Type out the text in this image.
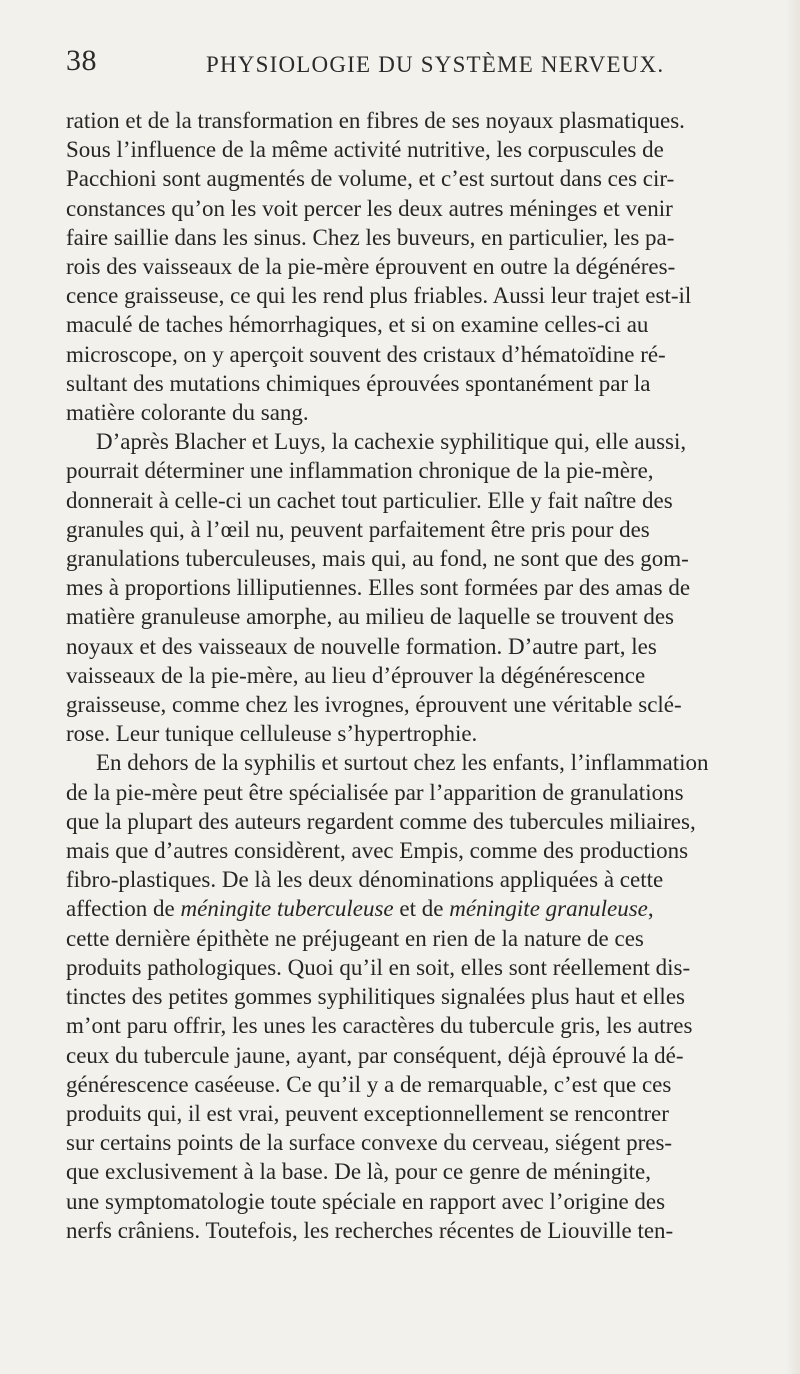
38	PHYSIOLOGIE DU SYSTÈME NERVEUX.

ration et de la transformation en fibres de ses noyaux plasmatiques.
Sous l’influence de la même activité nutritive, les corpuscules de
Pacchioni sont augmentés de volume, et c’est surtout dans ces cir-
constances qu’on les voit percer les deux autres méninges et venir
faire saillie dans les sinus. Chez les buveurs, en particulier, les pa-
rois des vaisseaux de la pie-mère éprouvent en outre la dégénéres-
cence graisseuse, ce qui les rend plus friables. Aussi leur trajet est-il
maculé de taches hémorrhagiques, et si on examine celles-ci au
microscope, on y aperçoit souvent des cristaux d’hématoïdine ré-
sultant des mutations chimiques éprouvées spontanément par la
matière colorante du sang.

D’après Blacher et Luys, la cachexie syphilitique qui, elle aussi,
pourrait déterminer une inflammation chronique de la pie-mère,
donnerait à celle-ci un cachet tout particulier. Elle y fait naître des
granules qui, à l’œil nu, peuvent parfaitement être pris pour des
granulations tuberculeuses, mais qui, au fond, ne sont que des gom-
mes à proportions lilliputiennes. Elles sont formées par des amas de
matière granuleuse amorphe, au milieu de laquelle se trouvent des
noyaux et des vaisseaux de nouvelle formation. D’autre part, les
vaisseaux de la pie-mère, au lieu d’éprouver la dégénérescence
graisseuse, comme chez les ivrognes, éprouvent une véritable sclé-
rose. Leur tunique celluleuse s’hypertrophie.

En dehors de la syphilis et surtout chez les enfants, l’inflammation
de la pie-mère peut être spécialisée par l’apparition de granulations
que la plupart des auteurs regardent comme des tubercules miliaires,
mais que d’autres considèrent, avec Empis, comme des productions
fibro-plastiques. De là les deux dénominations appliquées à cette
affection de méningite tuberculeuse et de méningite granuleuse,
cette dernière épithète ne préjugeant en rien de la nature de ces
produits pathologiques. Quoi qu’il en soit, elles sont réellement dis-
tinctes des petites gommes syphilitiques signalées plus haut et elles
m’ont paru offrir, les unes les caractères du tubercule gris, les autres
ceux du tubercule jaune, ayant, par conséquent, déjà éprouvé la dé-
générescence caséeuse. Ce qu’il y a de remarquable, c’est que ces
produits qui, il est vrai, peuvent exceptionnellement se rencontrer
sur certains points de la surface convexe du cerveau, siégent pres-
que exclusivement à la base. De là, pour ce genre de méningite,
une symptomatologie toute spéciale en rapport avec l’origine des
nerfs crâniens. Toutefois, les recherches récentes de Liouville ten-
